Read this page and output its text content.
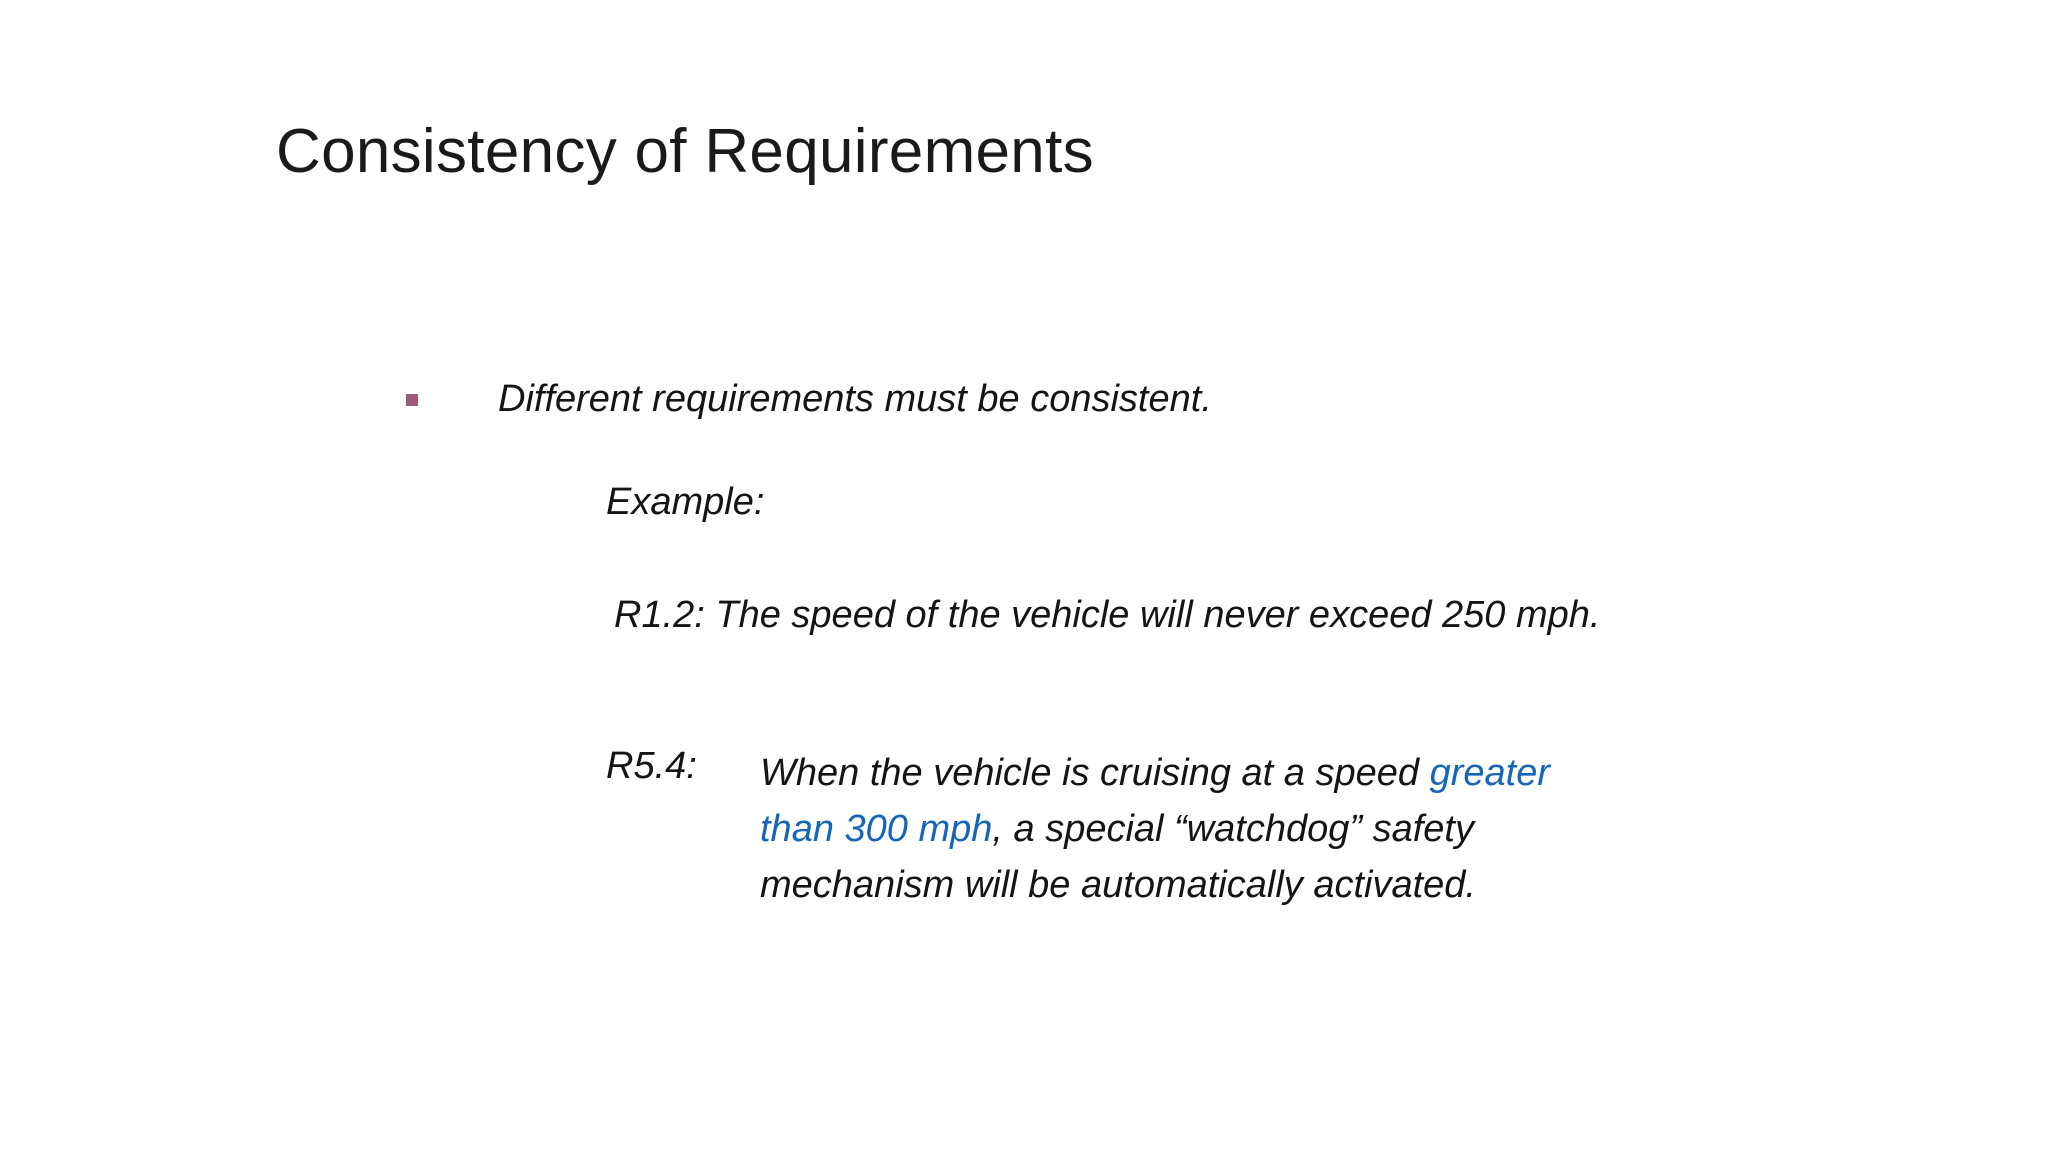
Consistency of Requirements
Different requirements must be consistent.
Example:
R1.2: The speed of the vehicle will never exceed 250 mph.
R5.4: When the vehicle is cruising at a speed greater
than 300 mph, a special “watchdog” safety
mechanism will be automatically activated.
